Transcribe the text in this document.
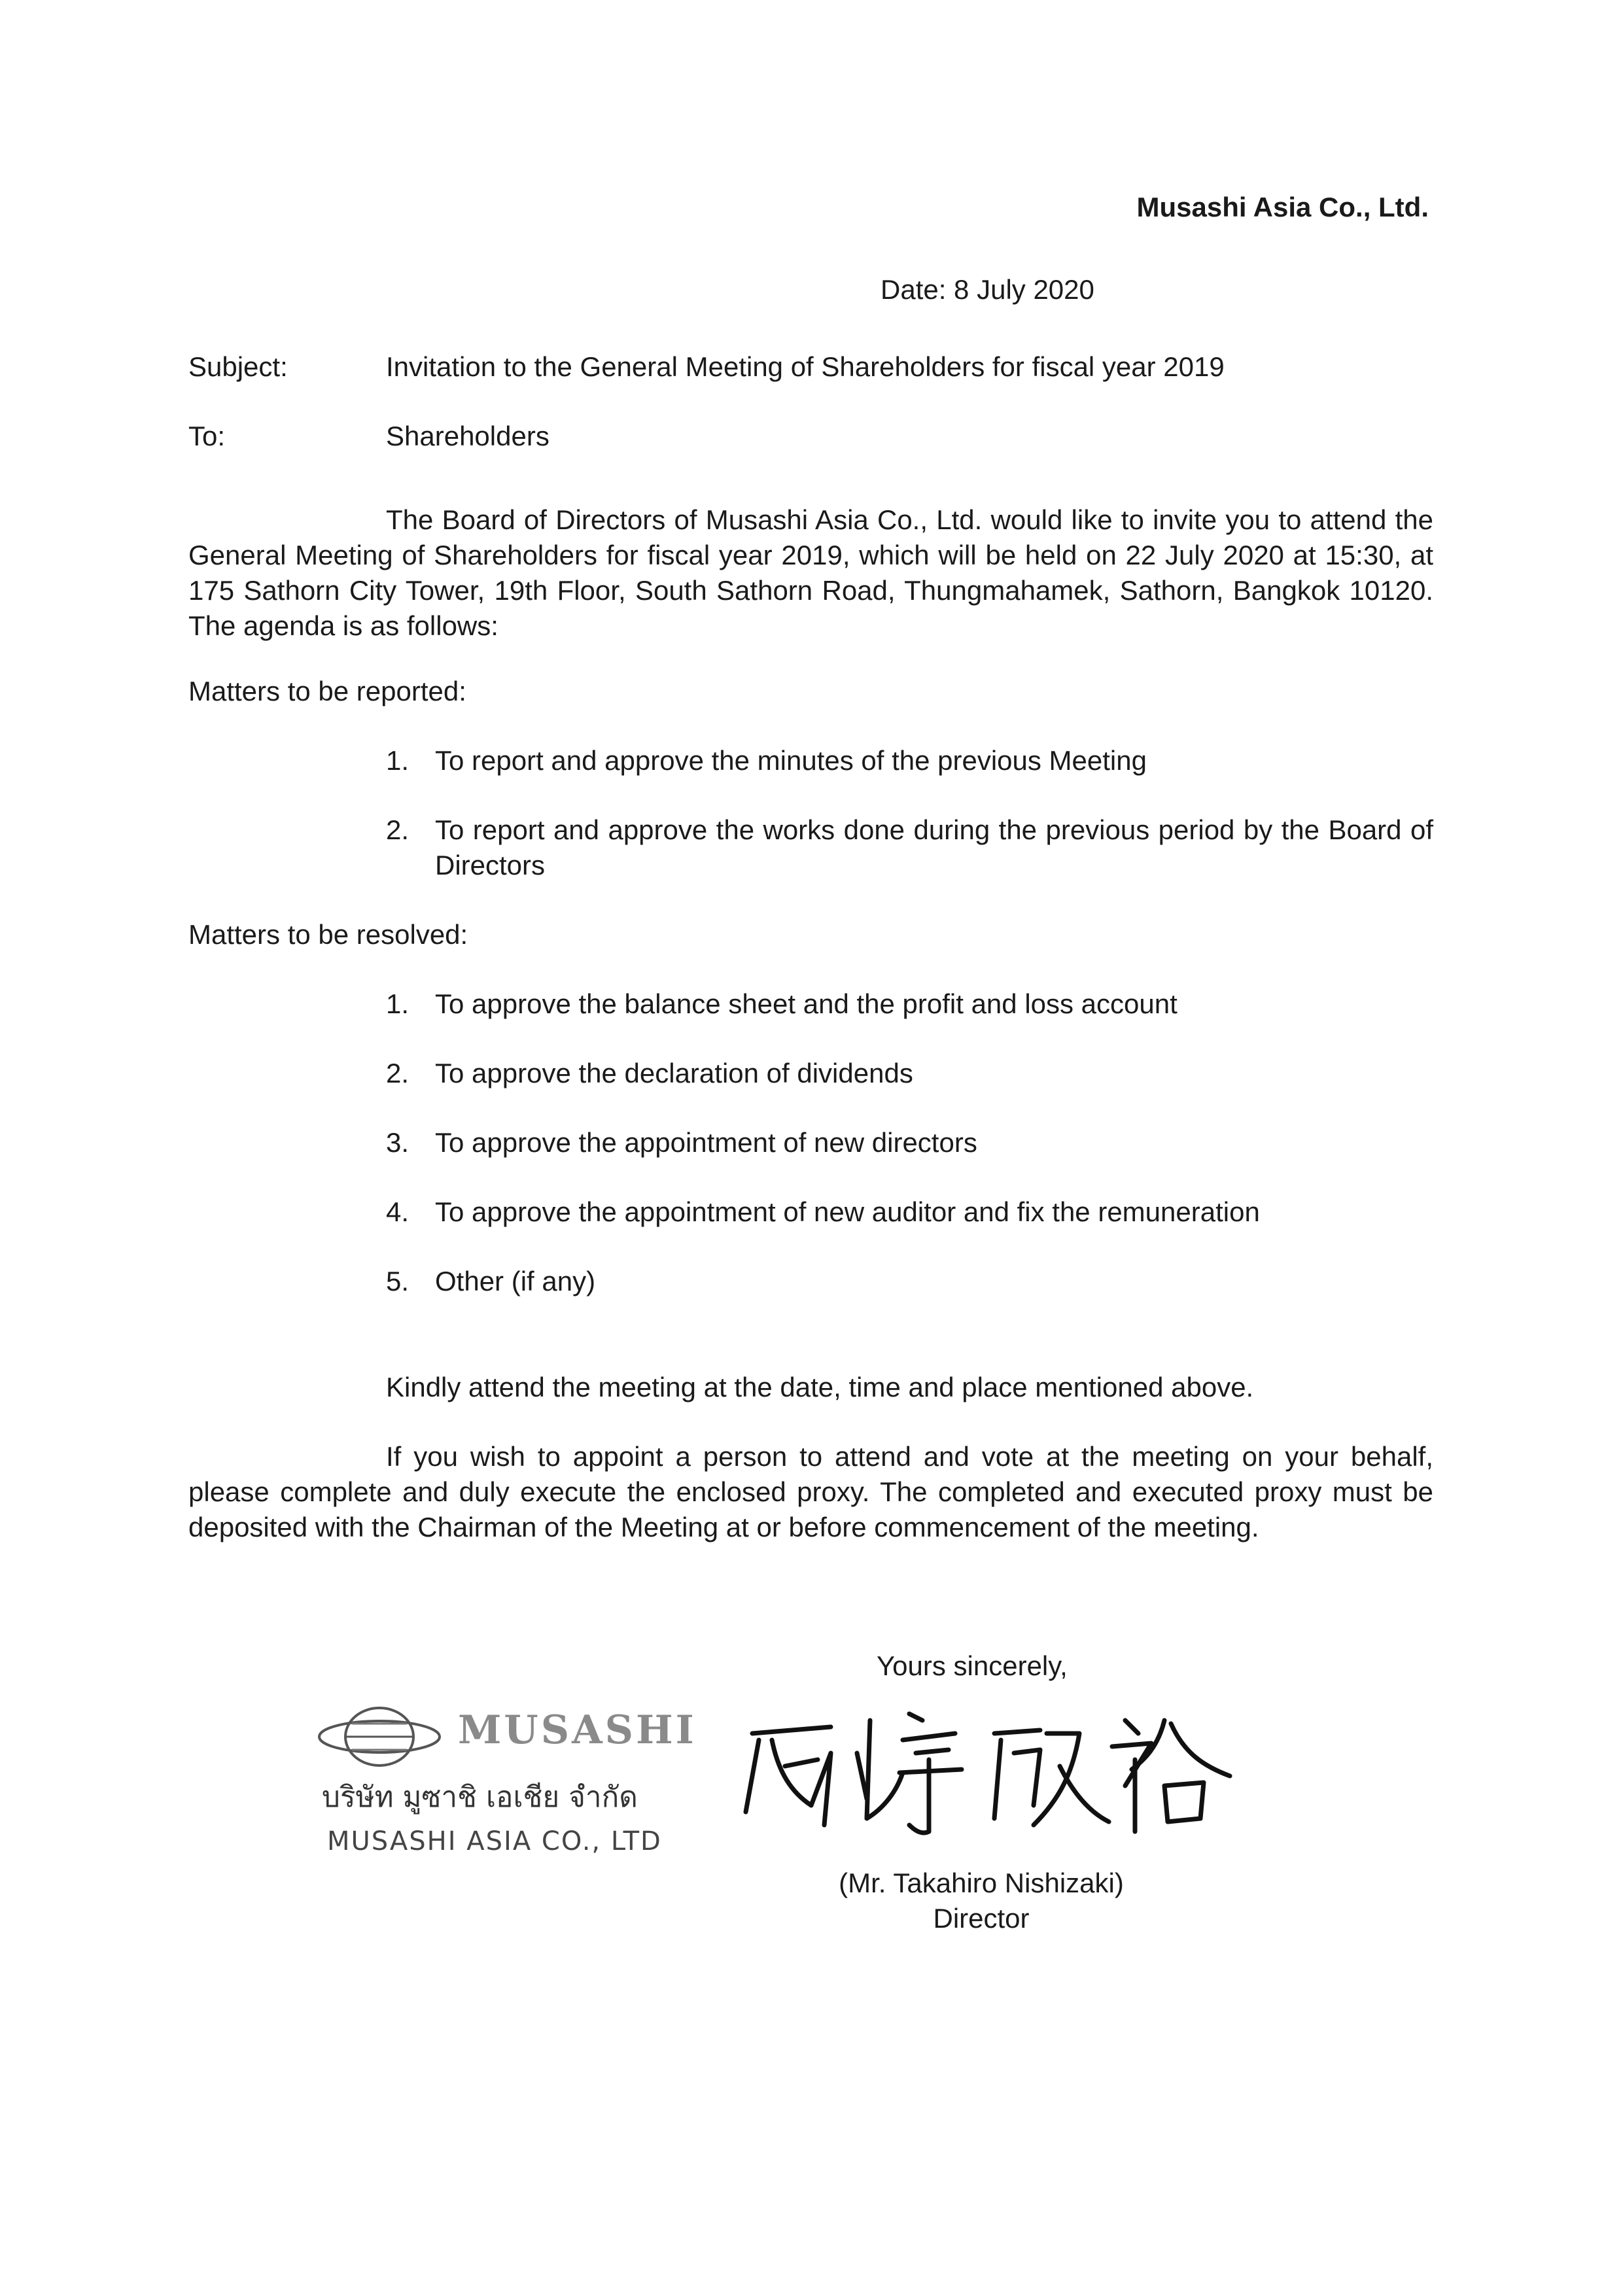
Musashi Asia Co., Ltd.
Date: 8 July 2020
Subject:	Invitation to the General Meeting of Shareholders for fiscal year 2019
To:	Shareholders
The Board of Directors of Musashi Asia Co., Ltd. would like to invite you to attend the General Meeting of Shareholders for fiscal year 2019, which will be held on 22 July 2020 at 15:30, at 175 Sathorn City Tower, 19th Floor, South Sathorn Road, Thungmahamek, Sathorn, Bangkok 10120. The agenda is as follows:
Matters to be reported:
1. To report and approve the minutes of the previous Meeting
2. To report and approve the works done during the previous period by the Board of Directors
Matters to be resolved:
1. To approve the balance sheet and the profit and loss account
2. To approve the declaration of dividends
3. To approve the appointment of new directors
4. To approve the appointment of new auditor and fix the remuneration
5. Other (if any)
Kindly attend the meeting at the date, time and place mentioned above.
If you wish to appoint a person to attend and vote at the meeting on your behalf, please complete and duly execute the enclosed proxy. The completed and executed proxy must be deposited with the Chairman of the Meeting at or before commencement of the meeting.
Yours sincerely,
MUSASHI
บริษัท มูซาชิ เอเชีย จำกัด
MUSASHI ASIA CO., LTD
(Mr. Takahiro Nishizaki)
Director
